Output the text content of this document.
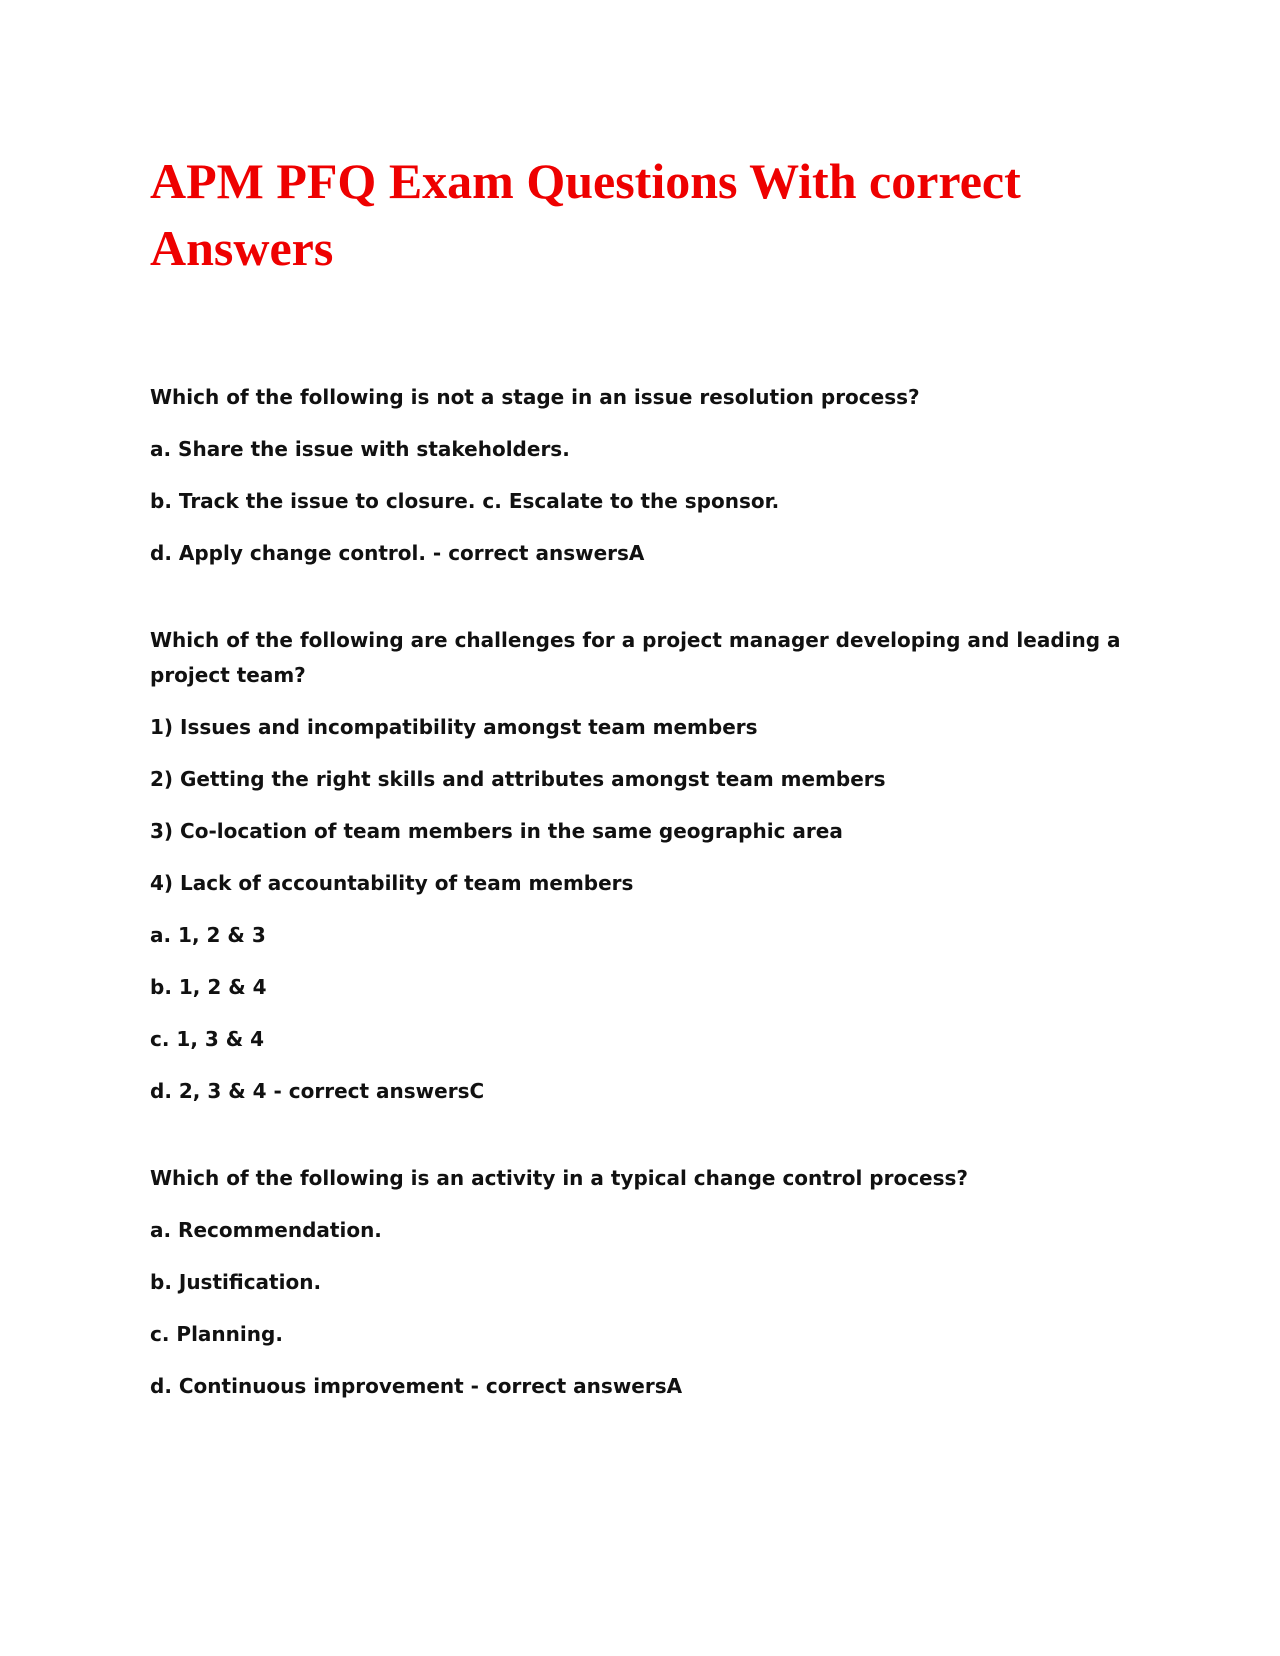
APM PFQ Exam Questions With correct
Answers

Which of the following is not a stage in an issue resolution process?

a. Share the issue with stakeholders.

b. Track the issue to closure. c. Escalate to the sponsor.

d. Apply change control. - correct answersA

Which of the following are challenges for a project manager developing and leading a project team?

1) Issues and incompatibility amongst team members

2) Getting the right skills and attributes amongst team members

3) Co-location of team members in the same geographic area

4) Lack of accountability of team members

a. 1, 2 & 3

b. 1, 2 & 4

c. 1, 3 & 4

d. 2, 3 & 4 - correct answersC

Which of the following is an activity in a typical change control process?

a. Recommendation.

b. Justification.

c. Planning.

d. Continuous improvement - correct answersA
